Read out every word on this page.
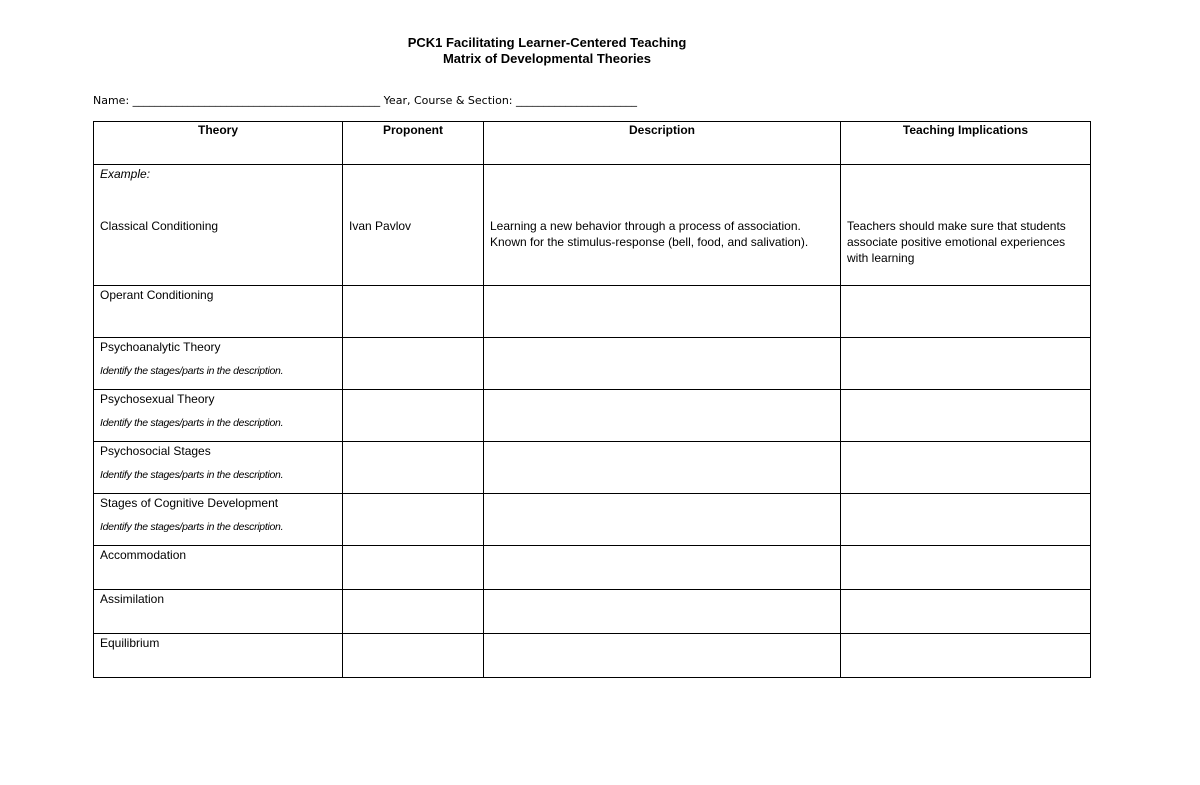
PCK1 Facilitating Learner-Centered Teaching
Matrix of Developmental Theories
Name: _____________________________________________ Year, Course & Section: ______________________
Theory	Proponent	Description	Teaching Implications

Example:
Classical Conditioning	Ivan Pavlov	Learning a new behavior through a process of association. Known for the stimulus-response (bell, food, and salivation).	Teachers should make sure that students associate positive emotional experiences with learning

Operant Conditioning			

Psychoanalytic Theory
Identify the stages/parts in the description.			

Psychosexual Theory
Identify the stages/parts in the description.			

Psychosocial Stages
Identify the stages/parts in the description.			

Stages of Cognitive Development
Identify the stages/parts in the description.			

Accommodation			

Assimilation			

Equilibrium			
